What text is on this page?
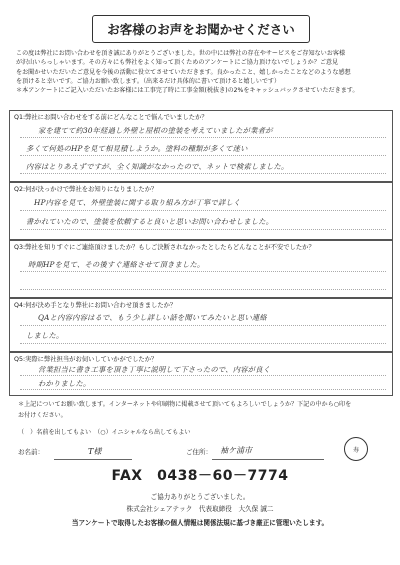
お客様のお声をお聞かせください

この度は弊社にお問い合わせを頂き誠にありがとうございました。世の中には弊社の存在やサービスをご存知ないお客様

が沢山いらっしゃいます。その方々にも弊社をよく知って頂くためのアンケートにご協力頂けないでしょうか？ご意見

をお聞かせいただいたご意見を今後の活動に役立てさせていただきます。良かったこと、嬉しかったことなどのような感想

を頂けると幸いです。ご協力お願い致します。（出来るだけ具体的に書いて頂けると嬉しいです）

＊本アンケートにご記入いただいたお客様には工事完了時に工事金額(税抜き)の2%をキャッシュバックさせていただきます。

Q1:弊社にお問い合わせをする前にどんなことで悩んでいましたか？
家を建てて約30年経過し外壁と屋根の塗装を考えていましたが業者が
多くて何処のHPを見て相見積しようか。塗料の種類が多くて迷い
内容はとりあえずですが、全く知識がなかったので、ネットで検索しました。
Q2:何が決っかけで弊社をお知りになりましたか？
HP内容を見て、外壁塗装に関する取り組み方が丁寧で詳しく
書かれていたので、塗装を依頼すると良いと思いお問い合わせしました。
Q3:弊社を知りすぐにご連絡頂けましたか？もしご決断されなかったとしたらどんなことが不安でしたか？
時期HPを見て、その後すぐ連絡させて頂きました。
Q4:何が決め手となり弊社にお問い合わせ頂きましたか？
QAと内容内容はるで、もう少し詳しい話を聞いてみたいと思い連絡
しました。
Q5:実際に弊社担当がお伺いしていかがでしたか？
営業担当に書き工事を頂き丁寧に説明して下さったので、内容が良く
わかりました。

＊上記についてお願い致します。インターネットや印刷物に掲載させて頂いてもよろしいでしょうか？下記の中から○印を

お付けください。

（　）名前を出してもよい　（○）イニシャルなら出してもよい

お名前：	T様	ご住所： 袖ケ浦市	寿
FAX　0438－60－7774
ご協力ありがとうございました。
株式会社シェアテック　代表取締役　大久保 誠二
当アンケートで取得したお客様の個人情報は関係法規に基づき厳正に管理いたします。
